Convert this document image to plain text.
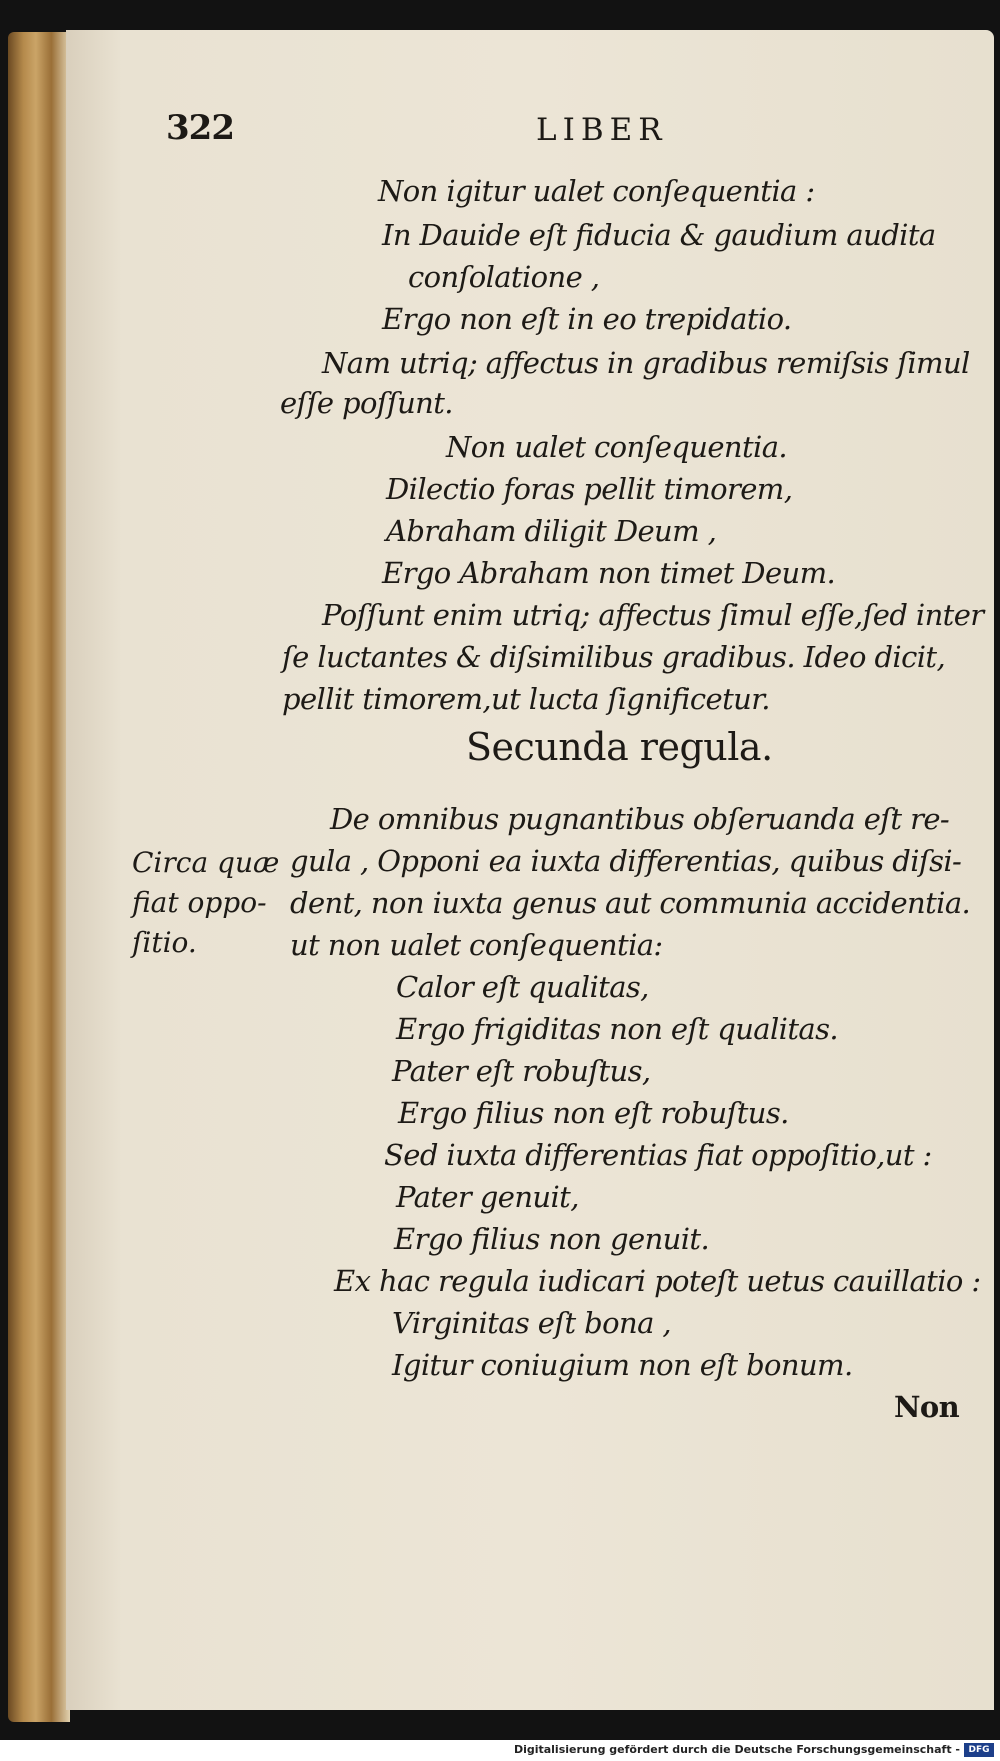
322	LIBER
Non igitur ualet conſequentia :
In Dauide eſt fiducia & gaudium audita
conſolatione ,
Ergo non eſt in eo trepidatio.
Nam utriq; affectus in gradibus remiſsis ſimul
eſſe poſſunt.
Non ualet conſequentia.
Dilectio foras pellit timorem,
Abraham diligit Deum ,
Ergo Abraham non timet Deum.
Poſſunt enim utriq; affectus ſimul eſſe,ſed inter
ſe luctantes & diſsimilibus gradibus. Ideo dicit,
pellit timorem,ut lucta ſignificetur.
Secunda regula.
De omnibus pugnantibus obſeruanda eſt re-
gula , Opponi ea iuxta differentias, quibus diſsi-
dent, non iuxta genus aut communia accidentia.
ut non ualet conſequentia:
Calor eſt qualitas,
Ergo frigiditas non eſt qualitas.
Pater eſt robuſtus,
Ergo filius non eſt robuſtus.
Sed iuxta differentias fiat oppoſitio,ut :
Pater genuit,
Ergo filius non genuit.
Ex hac regula iudicari poteſt uetus cauillatio :
Virginitas eſt bona ,
Igitur coniugium non eſt bonum.
Circa quæ
fiat oppo-
ſitio.
Non
Digitalisierung gefördert durch die Deutsche Forschungsgemeinschaft - DFG
